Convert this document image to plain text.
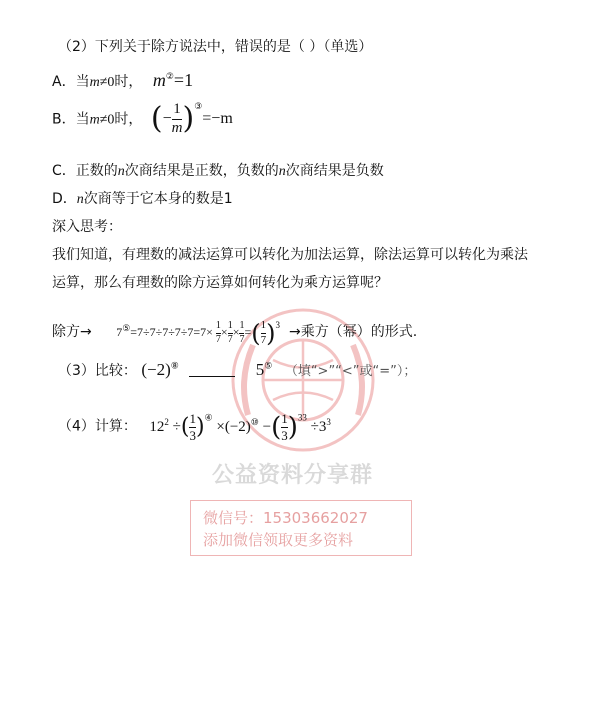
（2）下列关于除方说法中，错误的是（ ）（单选）
A．当m≠0时， m②=1
B．当m≠0时， (− $\frac{1}{m} )^③=-m$
C．正数的n次商结果是正数，负数的n次商结果是负数
D．n次商等于它本身的数是1
深入思考：
我们知道，有理数的减法运算可以转化为加法运算，除法运算可以转化为乘法
运算，那么有理数的除方运算如何转化为乘方运算呢？
除方→ $7^⑤=7\div 7\div 7\div 7\div 7=7\times \frac{1}{7} \times \frac{1}{7} \times \frac{1}{7}$ =( $\frac{1}{7} )^3$ →乘方（幂）的形式.
（3）比较： (−2)⑧	5⑤ （填“>”“<”或“=”）；
（4）计算： $12^2$ ÷( $\frac{1}{3} )^④ \times(-2)^⑩$ −( $\frac{1}{3} )^{33} \div 3^3$
公益资料分享群
微信号：15303662027
添加微信领取更多资料
